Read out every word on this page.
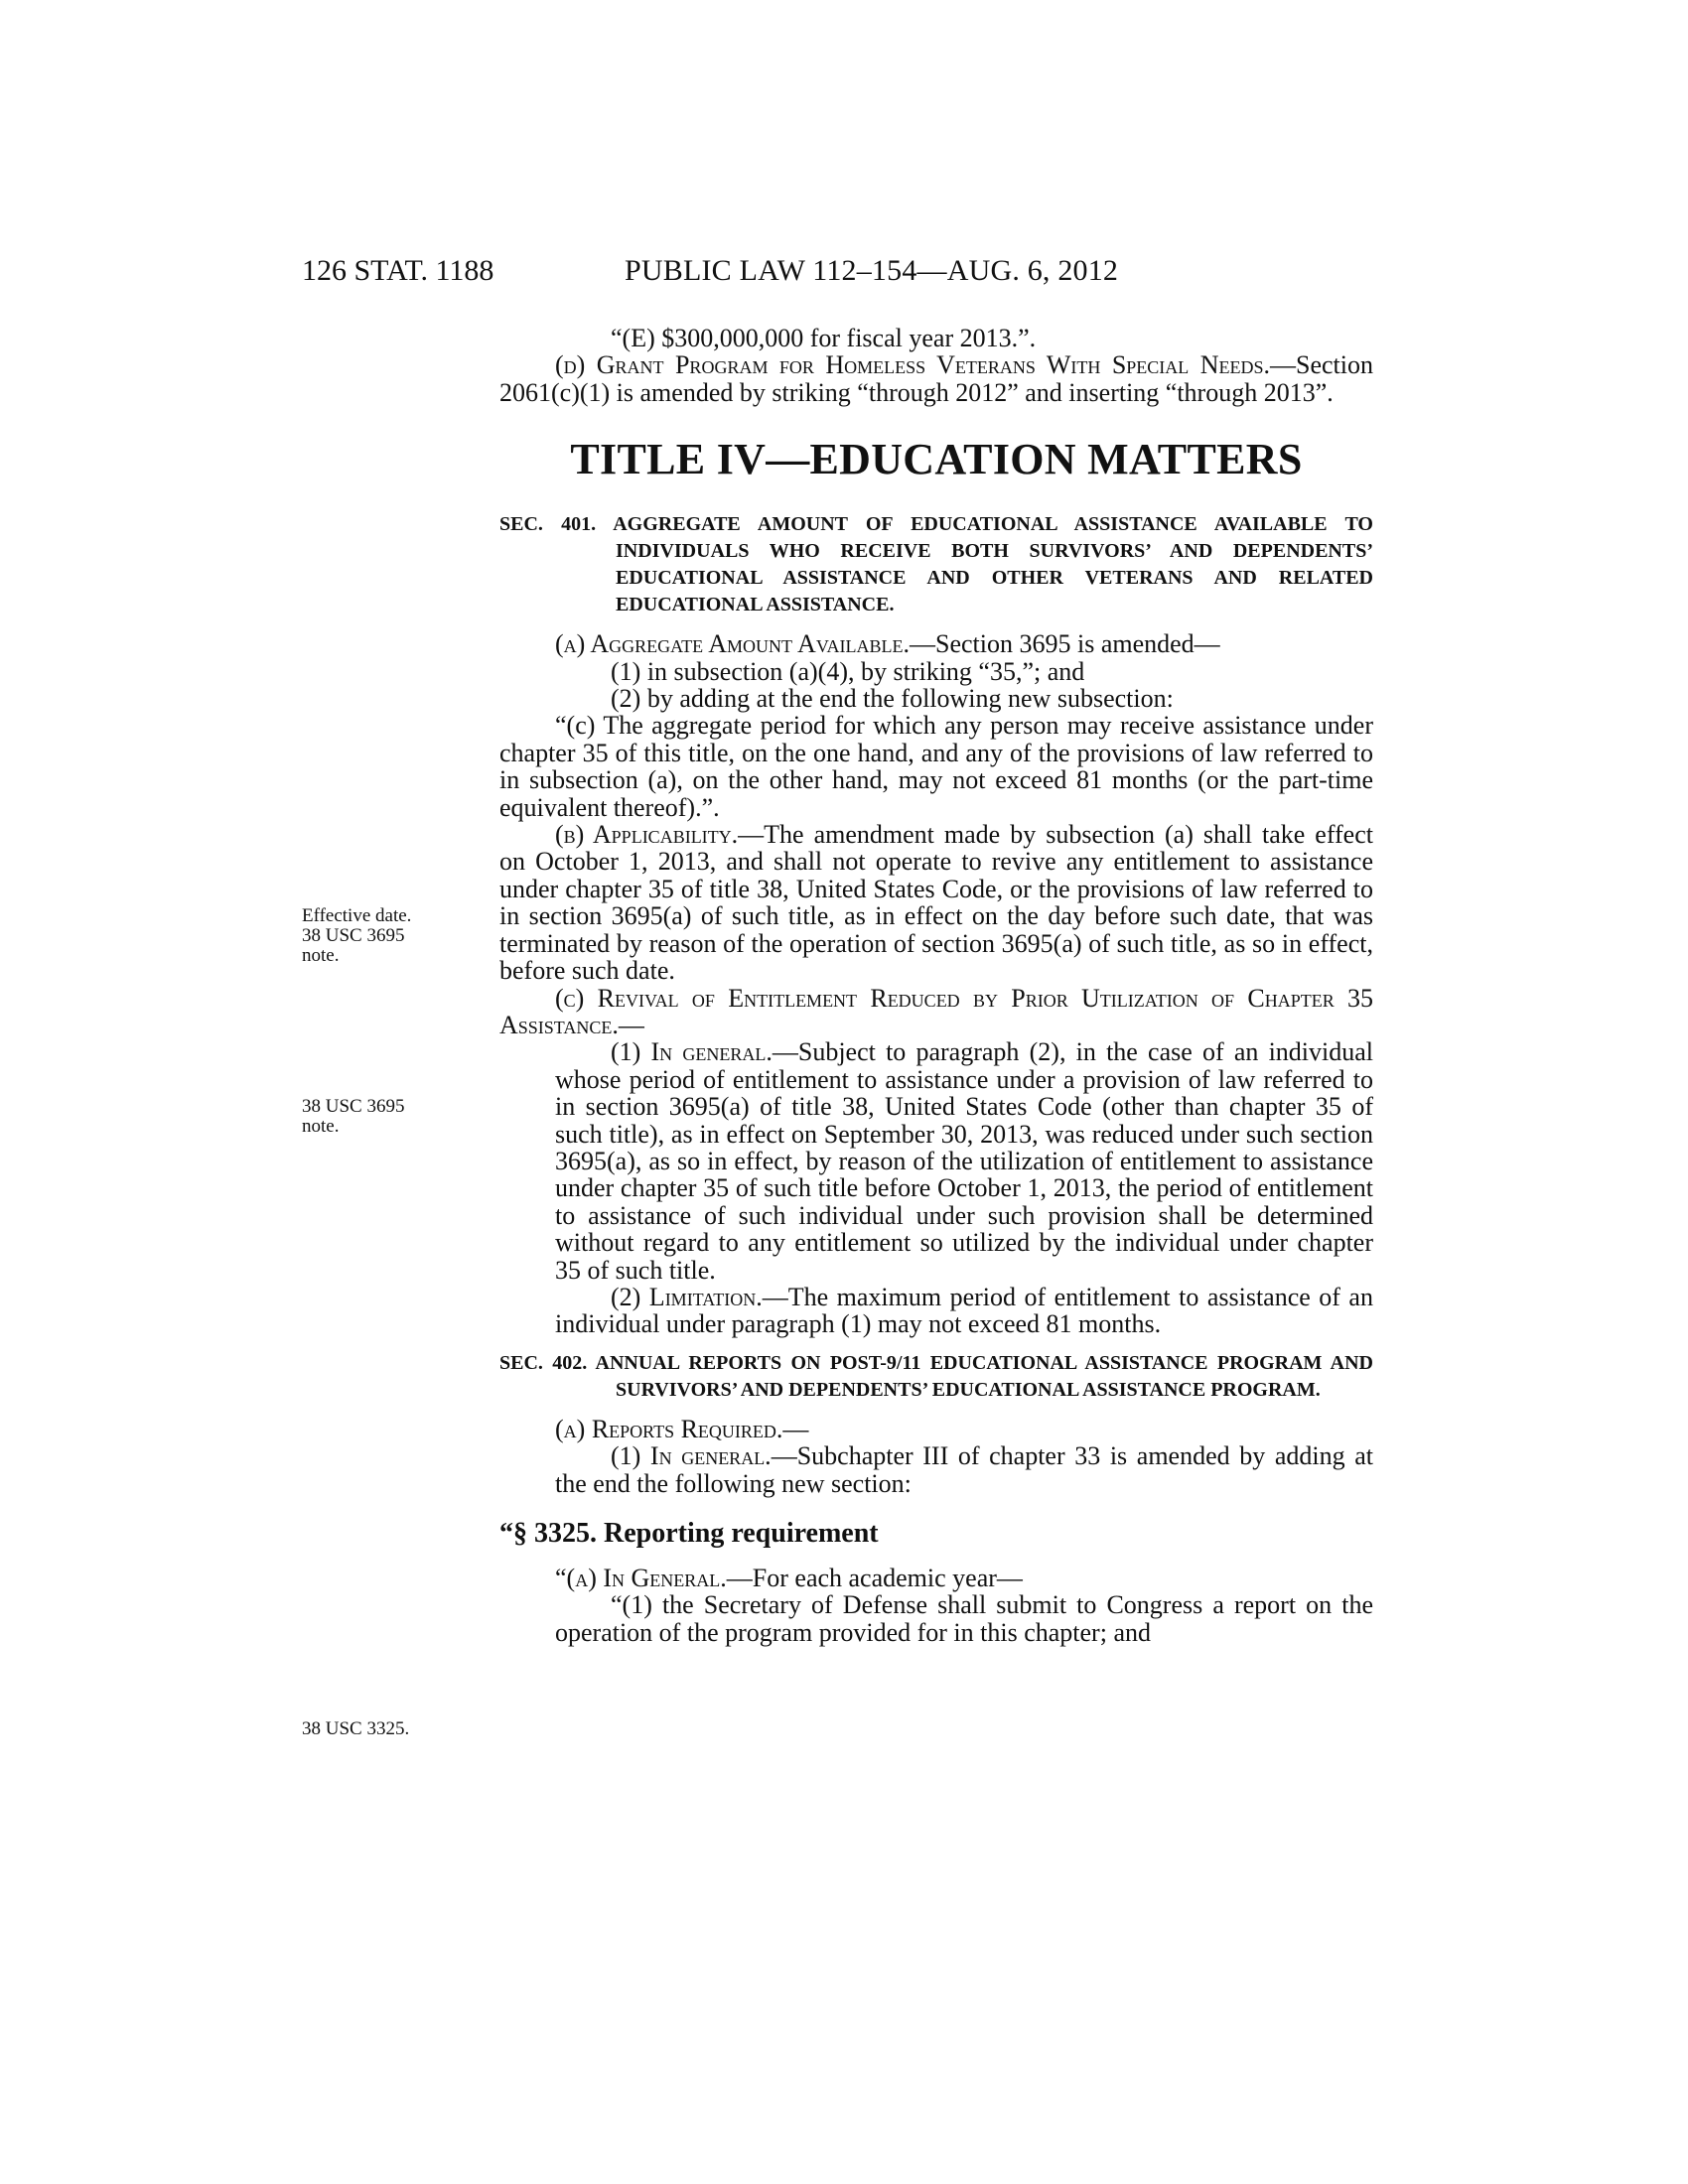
126 STAT. 1188	PUBLIC LAW 112–154—AUG. 6, 2012
Effective date.
38 USC 3695
note.
38 USC 3695
note.
38 USC 3325.

“(E) $300,000,000 for fiscal year 2013.”.

(d) Grant Program for Homeless Veterans With Special Needs.—Section 2061(c)(1) is amended by striking “through 2012” and inserting “through 2013”.

TITLE IV—EDUCATION MATTERS
SEC. 401. AGGREGATE AMOUNT OF EDUCATIONAL ASSISTANCE AVAILABLE TO INDIVIDUALS WHO RECEIVE BOTH SURVIVORS’ AND DEPENDENTS’ EDUCATIONAL ASSISTANCE AND OTHER VETERANS AND RELATED EDUCATIONAL ASSISTANCE.

(a) Aggregate Amount Available.—Section 3695 is amended—

(1) in subsection (a)(4), by striking “35,”; and

(2) by adding at the end the following new subsection:

“(c) The aggregate period for which any person may receive assistance under chapter 35 of this title, on the one hand, and any of the provisions of law referred to in subsection (a), on the other hand, may not exceed 81 months (or the part-time equivalent thereof).”.

(b) Applicability.—The amendment made by subsection (a) shall take effect on October 1, 2013, and shall not operate to revive any entitlement to assistance under chapter 35 of title 38, United States Code, or the provisions of law referred to in section 3695(a) of such title, as in effect on the day before such date, that was terminated by reason of the operation of section 3695(a) of such title, as so in effect, before such date.

(c) Revival of Entitlement Reduced by Prior Utilization of Chapter 35 Assistance.—

(1) In general.—Subject to paragraph (2), in the case of an individual whose period of entitlement to assistance under a provision of law referred to in section 3695(a) of title 38, United States Code (other than chapter 35 of such title), as in effect on September 30, 2013, was reduced under such section 3695(a), as so in effect, by reason of the utilization of entitlement to assistance under chapter 35 of such title before October 1, 2013, the period of entitlement to assistance of such individual under such provision shall be determined without regard to any entitlement so utilized by the individual under chapter 35 of such title.

(2) Limitation.—The maximum period of entitlement to assistance of an individual under paragraph (1) may not exceed 81 months.

SEC. 402. ANNUAL REPORTS ON POST-9/11 EDUCATIONAL ASSISTANCE PROGRAM AND SURVIVORS’ AND DEPENDENTS’ EDUCATIONAL ASSISTANCE PROGRAM.

(a) Reports Required.—

(1) In general.—Subchapter III of chapter 33 is amended by adding at the end the following new section:

“§ 3325. Reporting requirement

“(a) In General.—For each academic year—

“(1) the Secretary of Defense shall submit to Congress a report on the operation of the program provided for in this chapter; and
